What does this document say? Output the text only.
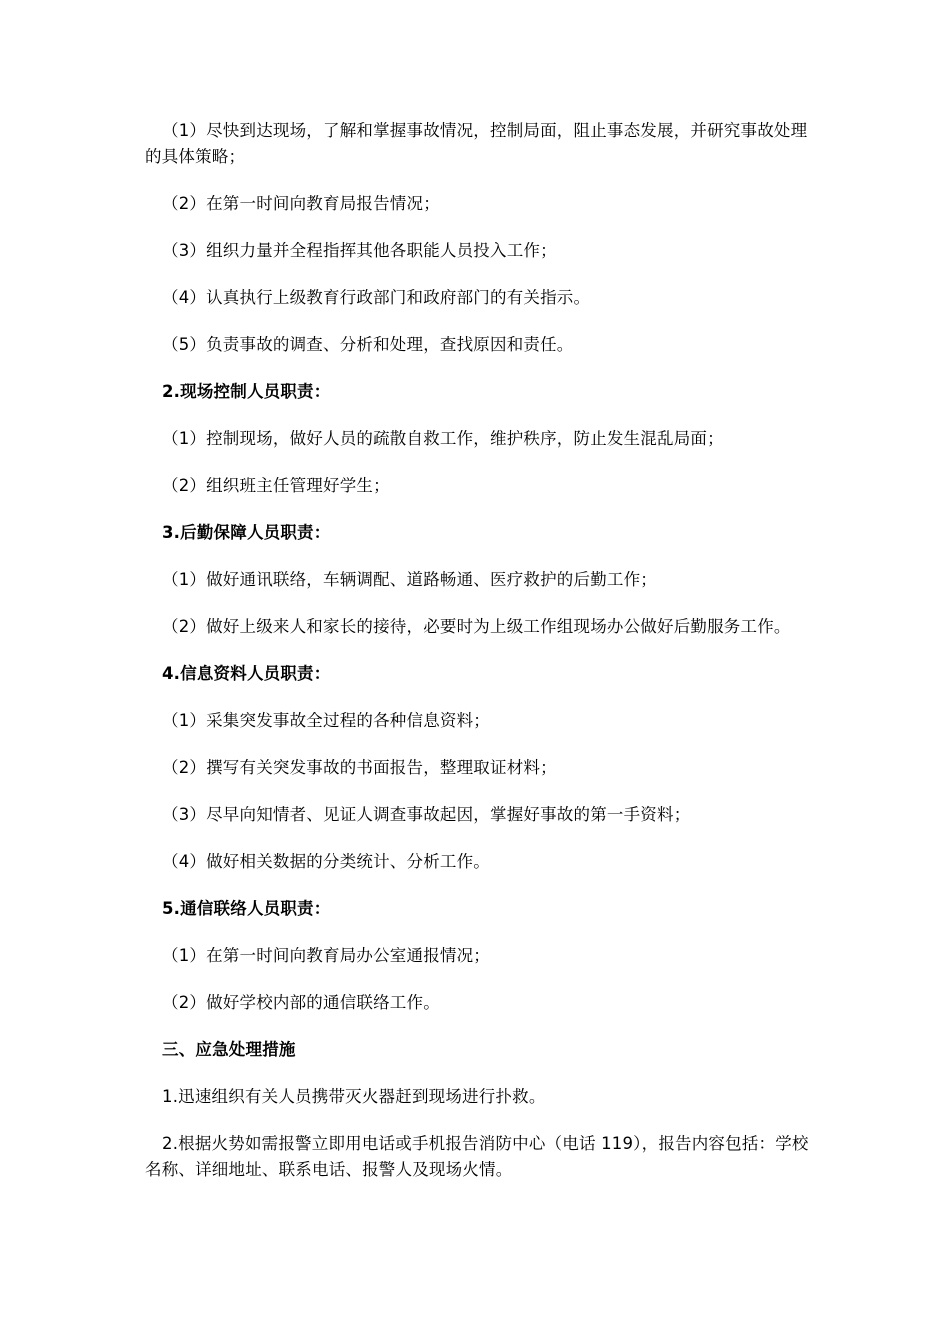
（1）尽快到达现场，了解和掌握事故情况，控制局面，阻止事态发展，并研究事故处理的具体策略；

（2）在第一时间向教育局报告情况；

（3）组织力量并全程指挥其他各职能人员投入工作；

（4）认真执行上级教育行政部门和政府部门的有关指示。

（5）负责事故的调查、分析和处理，查找原因和责任。

2.现场控制人员职责：

（1）控制现场，做好人员的疏散自救工作，维护秩序，防止发生混乱局面；

（2）组织班主任管理好学生；

3.后勤保障人员职责：

（1）做好通讯联络，车辆调配、道路畅通、医疗救护的后勤工作；

（2）做好上级来人和家长的接待，必要时为上级工作组现场办公做好后勤服务工作。

4.信息资料人员职责：

（1）采集突发事故全过程的各种信息资料；

（2）撰写有关突发事故的书面报告，整理取证材料；

（3）尽早向知情者、见证人调查事故起因，掌握好事故的第一手资料；

（4）做好相关数据的分类统计、分析工作。

5.通信联络人员职责：

（1）在第一时间向教育局办公室通报情况；

（2）做好学校内部的通信联络工作。

三、应急处理措施

1.迅速组织有关人员携带灭火器赶到现场进行扑救。

2.根据火势如需报警立即用电话或手机报告消防中心（电话 119），报告内容包括：学校名称、详细地址、联系电话、报警人及现场火情。
